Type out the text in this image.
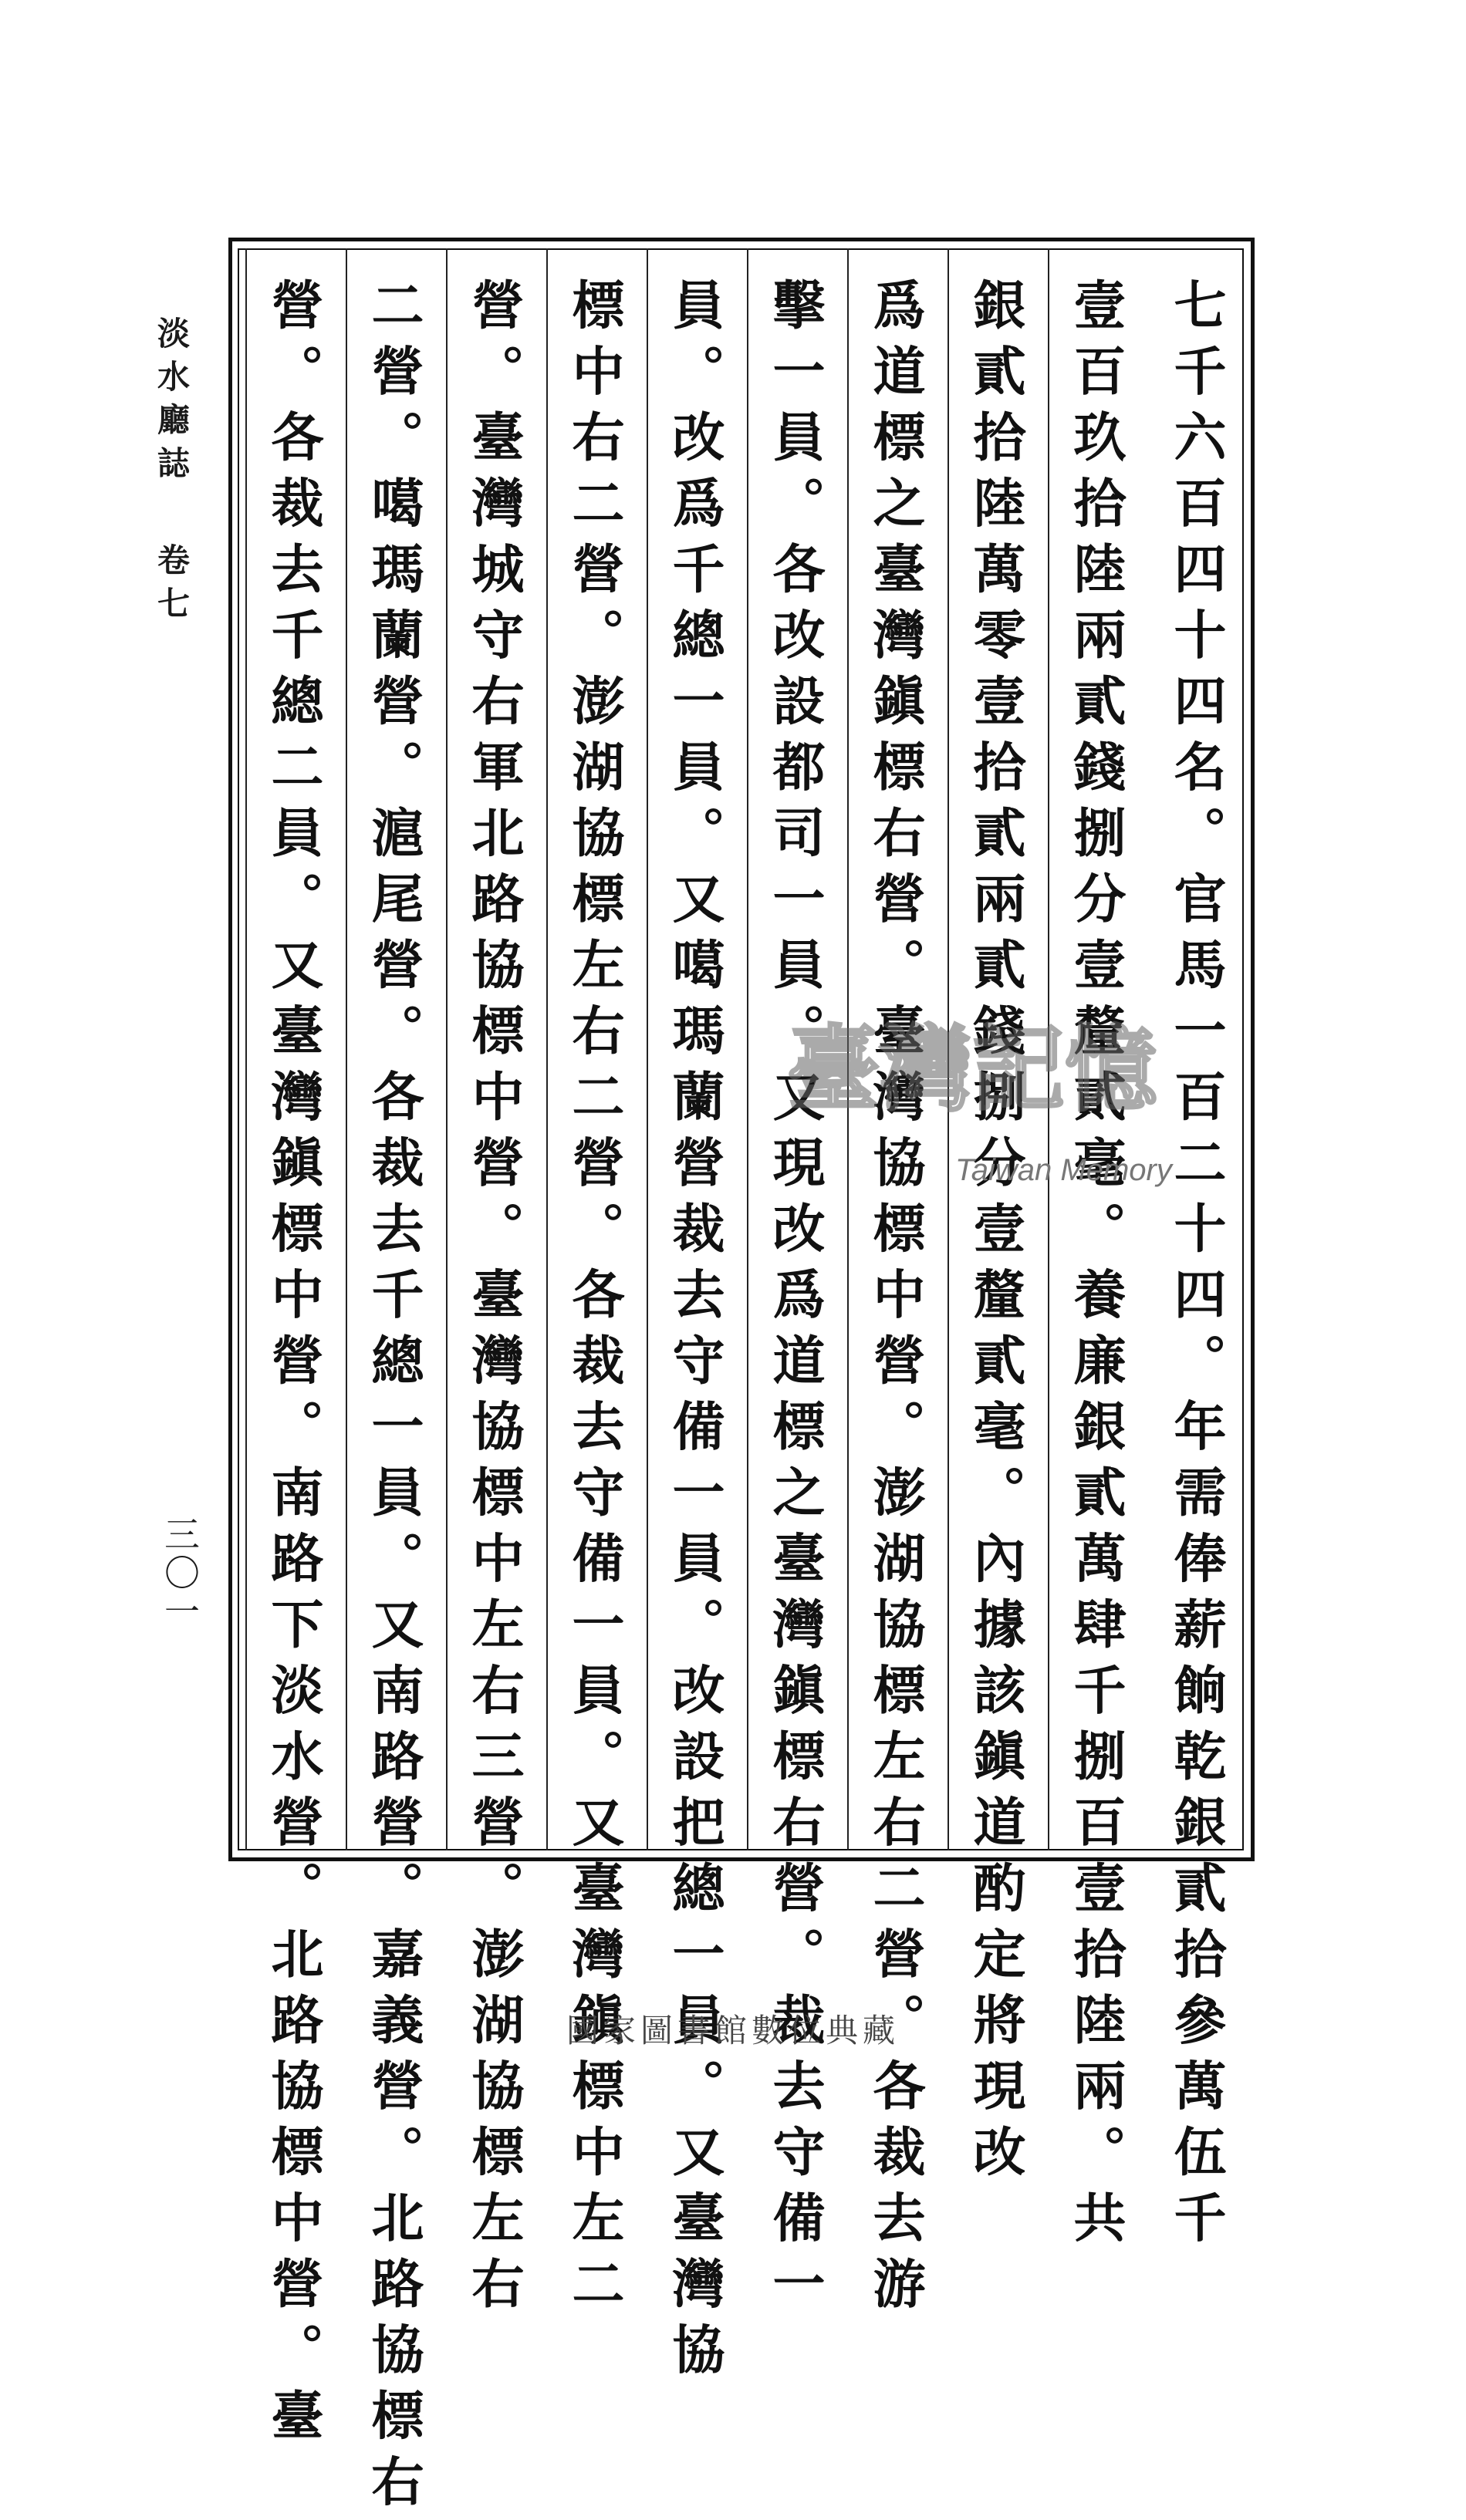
淡水廳誌卷七
三〇一	七千六百四十四名。官馬一百二十四。年需俸薪餉乾銀貳拾參萬伍千
壹百玖拾陸兩貳錢捌分壹釐貳毫。養廉銀貳萬肆千捌百壹拾陸兩。共
銀貳拾陸萬零壹拾貳兩貳錢捌分壹釐貳毫。內據該鎭道酌定將現改
爲道標之臺灣鎭標右營。臺灣協標中營。澎湖協標左右二營。各裁去游
擊一員。各改設都司一員。又現改爲道標之臺灣鎭標右營。裁去守備一
員。改爲千總一員。又噶瑪蘭營裁去守備一員。改設把總一員。又臺灣協
標中右二營。澎湖協標左右二營。各裁去守備一員。又臺灣鎭標中左二
營。臺灣城守右軍北路協標中營。臺灣協標中左右三營。澎湖協標左右
二營。噶瑪蘭營。滬尾營。各裁去千總一員。又南路營。嘉義營。北路協標右
營。各裁去千總二員。又臺灣鎭標中營。南路下淡水營。北路協標中營。臺	臺灣記憶
Taiwan Memory
國家圖書館數位典藏
